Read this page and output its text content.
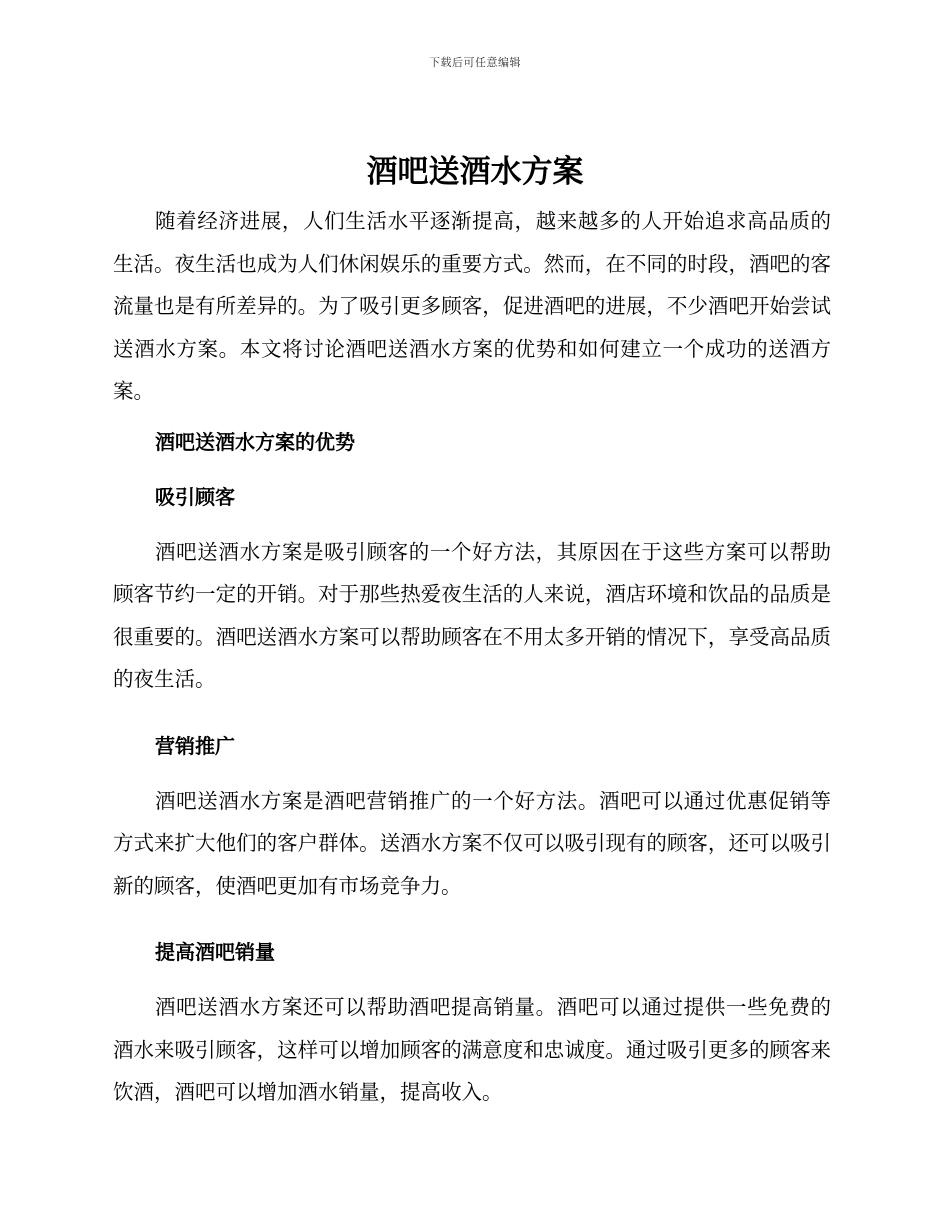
下载后可任意编辑
酒吧送酒水方案

随着经济进展，人们生活水平逐渐提高，越来越多的人开始追求高品质的生活。夜生活也成为人们休闲娱乐的重要方式。然而，在不同的时段，酒吧的客流量也是有所差异的。为了吸引更多顾客，促进酒吧的进展，不少酒吧开始尝试送酒水方案。本文将讨论酒吧送酒水方案的优势和如何建立一个成功的送酒方案。

酒吧送酒水方案的优势
吸引顾客

酒吧送酒水方案是吸引顾客的一个好方法，其原因在于这些方案可以帮助顾客节约一定的开销。对于那些热爱夜生活的人来说，酒店环境和饮品的品质是很重要的。酒吧送酒水方案可以帮助顾客在不用太多开销的情况下，享受高品质的夜生活。

营销推广

酒吧送酒水方案是酒吧营销推广的一个好方法。酒吧可以通过优惠促销等方式来扩大他们的客户群体。送酒水方案不仅可以吸引现有的顾客，还可以吸引新的顾客，使酒吧更加有市场竞争力。

提高酒吧销量

酒吧送酒水方案还可以帮助酒吧提高销量。酒吧可以通过提供一些免费的酒水来吸引顾客，这样可以增加顾客的满意度和忠诚度。通过吸引更多的顾客来饮酒，酒吧可以增加酒水销量，提高收入。
